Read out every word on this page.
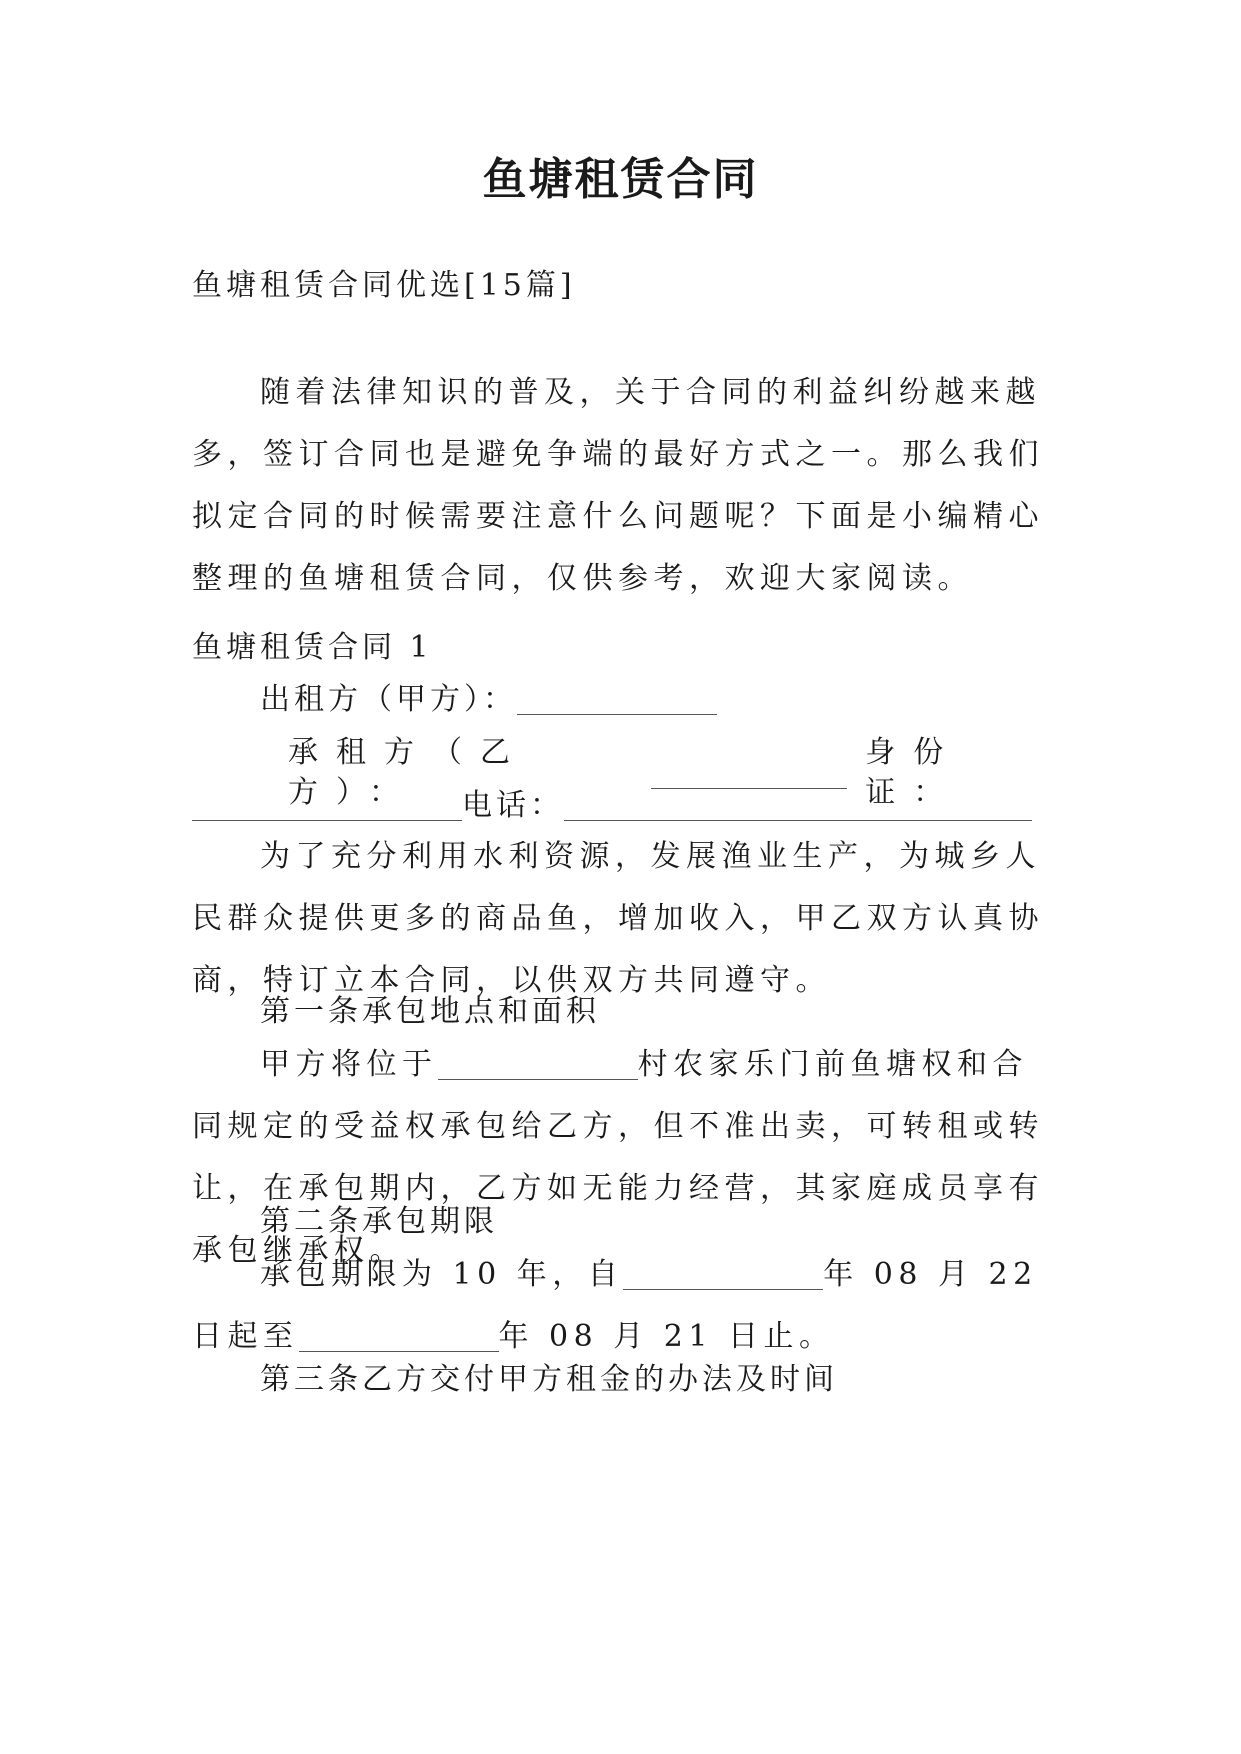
鱼塘租赁合同

鱼塘租赁合同优选[15篇]

随着法律知识的普及，关于合同的利益纠纷越来越多，签订合同也是避免争端的最好方式之一。那么我们拟定合同的时候需要注意什么问题呢？下面是小编精心整理的鱼塘租赁合同，仅供参考，欢迎大家阅读。

鱼塘租赁合同 1

出租方（甲方）：

承租方（乙方）：
身份证：

电话：

为了充分利用水利资源，发展渔业生产，为城乡人民群众提供更多的商品鱼，增加收入，甲乙双方认真协商，特订立本合同，以供双方共同遵守。

第一条承包地点和面积

甲方将位于	村农家乐门前鱼塘权和合同规定的受益权承包给乙方，但不准出卖，可转租或转让，在承包期内，乙方如无能力经营，其家庭成员享有承包继承权。

第二条承包期限

承包期限为 10 年，自	年 08 月 22 日起至	年 08 月 21 日止。

第三条乙方交付甲方租金的办法及时间
